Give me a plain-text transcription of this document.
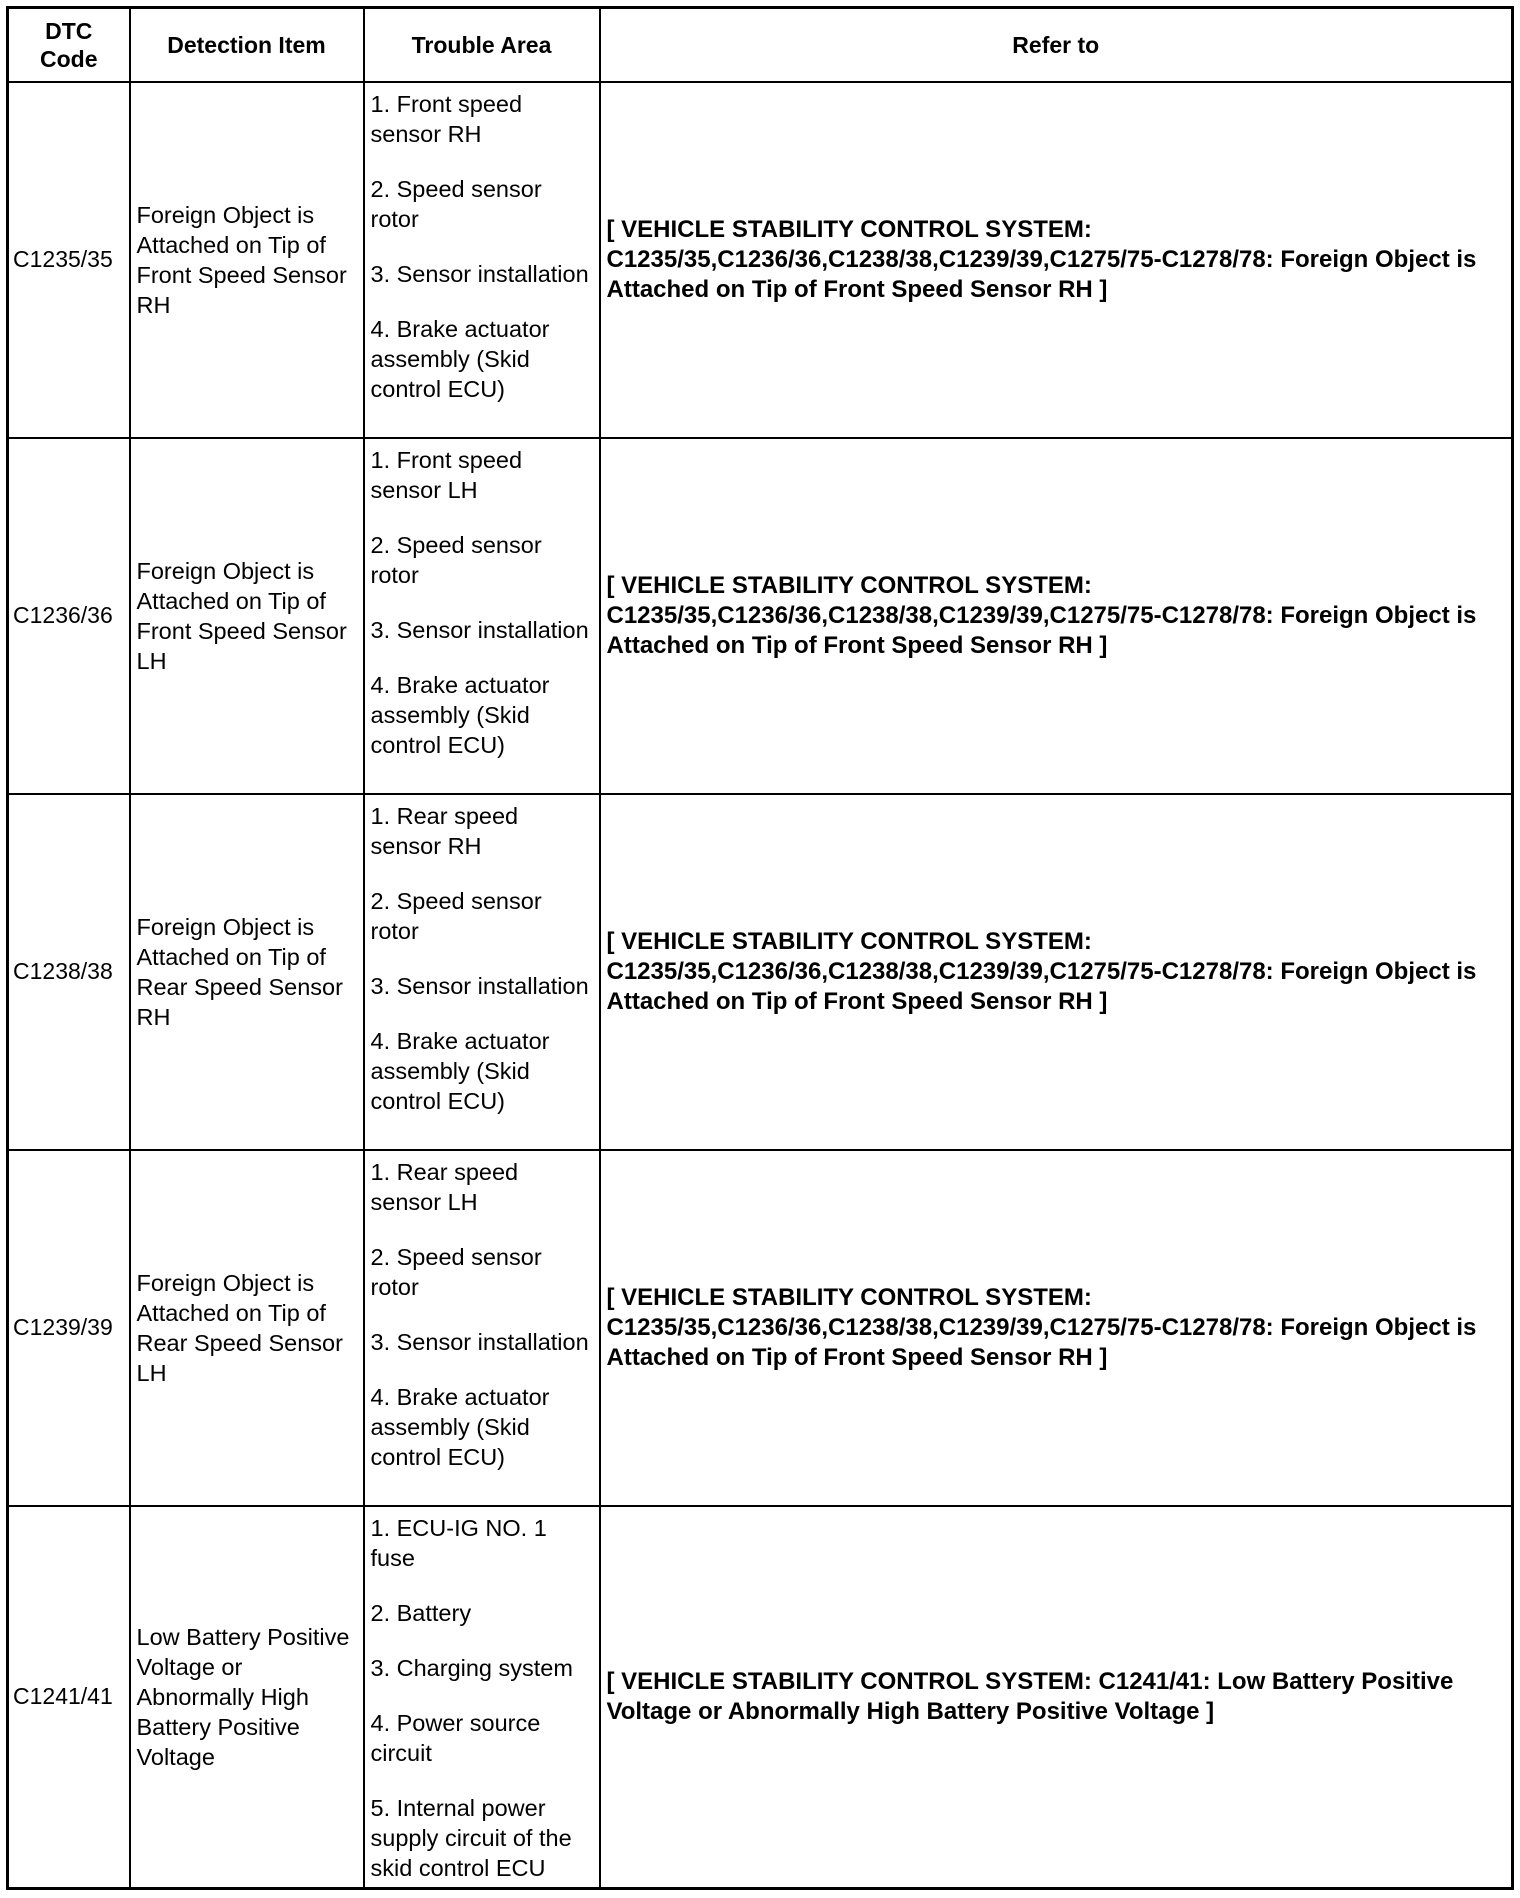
DTC
Code	Detection Item	Trouble Area	Refer to
C1235/35	Foreign Object is Attached on Tip of Front Speed Sensor RH	1. Front speed sensor RH
2. Speed sensor rotor
3. Sensor installation
4. Brake actuator assembly (Skid control ECU)	[ VEHICLE STABILITY CONTROL SYSTEM: C1235/35,C1236/36,C1238/38,C1239/39,C1275/75-C1278/78: Foreign Object is Attached on Tip of Front Speed Sensor RH ]
C1236/36	Foreign Object is Attached on Tip of Front Speed Sensor LH	1. Front speed sensor LH
2. Speed sensor rotor
3. Sensor installation
4. Brake actuator assembly (Skid control ECU)	[ VEHICLE STABILITY CONTROL SYSTEM: C1235/35,C1236/36,C1238/38,C1239/39,C1275/75-C1278/78: Foreign Object is Attached on Tip of Front Speed Sensor RH ]
C1238/38	Foreign Object is Attached on Tip of Rear Speed Sensor RH	1. Rear speed sensor RH
2. Speed sensor rotor
3. Sensor installation
4. Brake actuator assembly (Skid control ECU)	[ VEHICLE STABILITY CONTROL SYSTEM: C1235/35,C1236/36,C1238/38,C1239/39,C1275/75-C1278/78: Foreign Object is Attached on Tip of Front Speed Sensor RH ]
C1239/39	Foreign Object is Attached on Tip of Rear Speed Sensor LH	1. Rear speed sensor LH
2. Speed sensor rotor
3. Sensor installation
4. Brake actuator assembly (Skid control ECU)	[ VEHICLE STABILITY CONTROL SYSTEM: C1235/35,C1236/36,C1238/38,C1239/39,C1275/75-C1278/78: Foreign Object is Attached on Tip of Front Speed Sensor RH ]
C1241/41	Low Battery Positive Voltage or Abnormally High Battery Positive Voltage	1. ECU-IG NO. 1 fuse
2. Battery
3. Charging system
4. Power source circuit
5. Internal power supply circuit of the skid control ECU	[ VEHICLE STABILITY CONTROL SYSTEM: C1241/41: Low Battery Positive Voltage or Abnormally High Battery Positive Voltage ]
